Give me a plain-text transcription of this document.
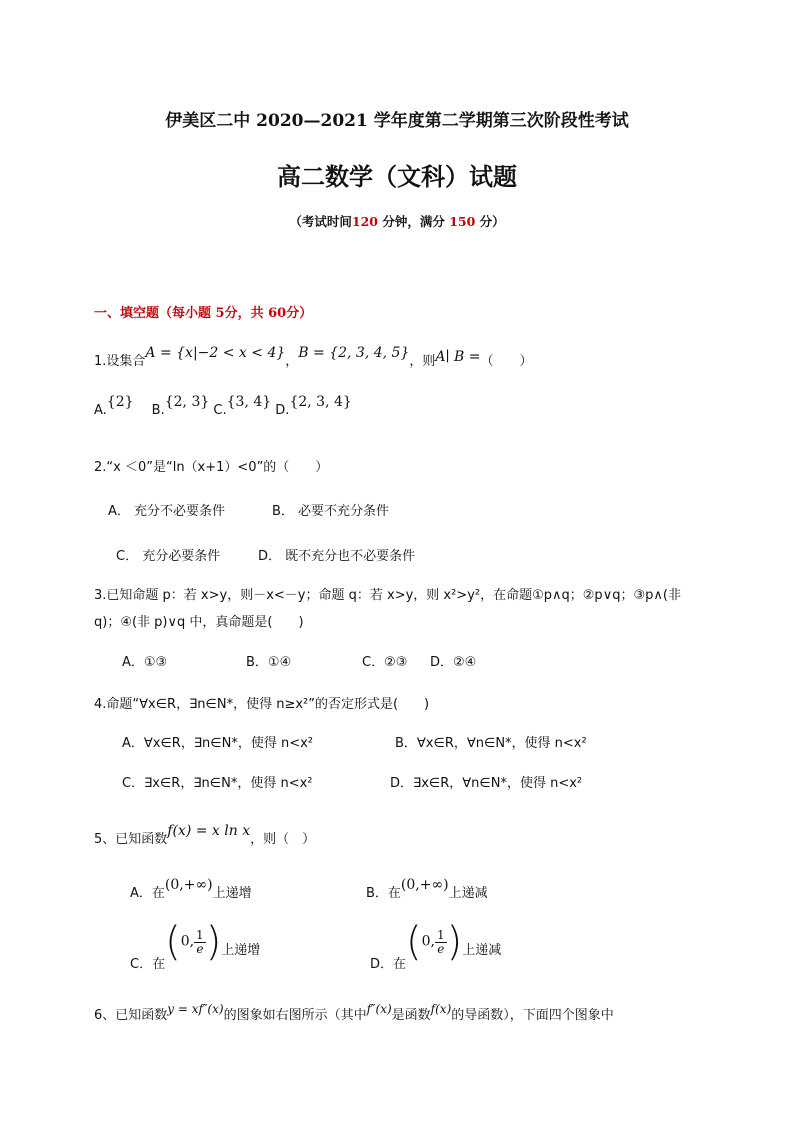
伊美区二中 2020—2021 学年度第二学期第三次阶段性考试
高二数学（文科）试题
（考试时间120 分钟，满分 150 分）
一、填空题（每小题 5分，共 60分）
1.设集合A = {x|−2 < x < 4}，B = {2, 3, 4, 5}，则A∣ B =（　　）
A.{2} B.{2, 3} C.{3, 4} D.{2, 3, 4}
2.“x ＜0”是“ln（x+1）<0”的（　　）
A． 充分不必要条件	B． 必要不充分条件
C． 充分必要条件	D． 既不充分也不必要条件
3.已知命题 p：若 x>y，则－x<－y；命题 q：若 x>y，则 x²>y²，在命题①p∧q；②p∨q；③p∧(非
q)；④(非 p)∨q 中，真命题是(　　)
A．①③	B．①④	C．②③ D．②④
4.命题“∀x∈R，∃n∈N*，使得 n≥x²”的否定形式是(　　)
A．∀x∈R，∃n∈N*，使得 n<x²	B．∀x∈R，∀n∈N*，使得 n<x²
C．∃x∈R，∃n∈N*，使得 n<x²	D．∃x∈R，∀n∈N*，使得 n<x²
5、已知函数f(x) = x ln x，则（　）
A．在(0,+∞)上递增	B．在(0,+∞)上递减
C．在(0, $\frac{1}{e}$ )上递增
D．在(0, $\frac{1}{e}$ )上递减
6、已知函数y = xf″(x)的图象如右图所示（其中f″(x)是函数f(x)的导函数），下面四个图象中
